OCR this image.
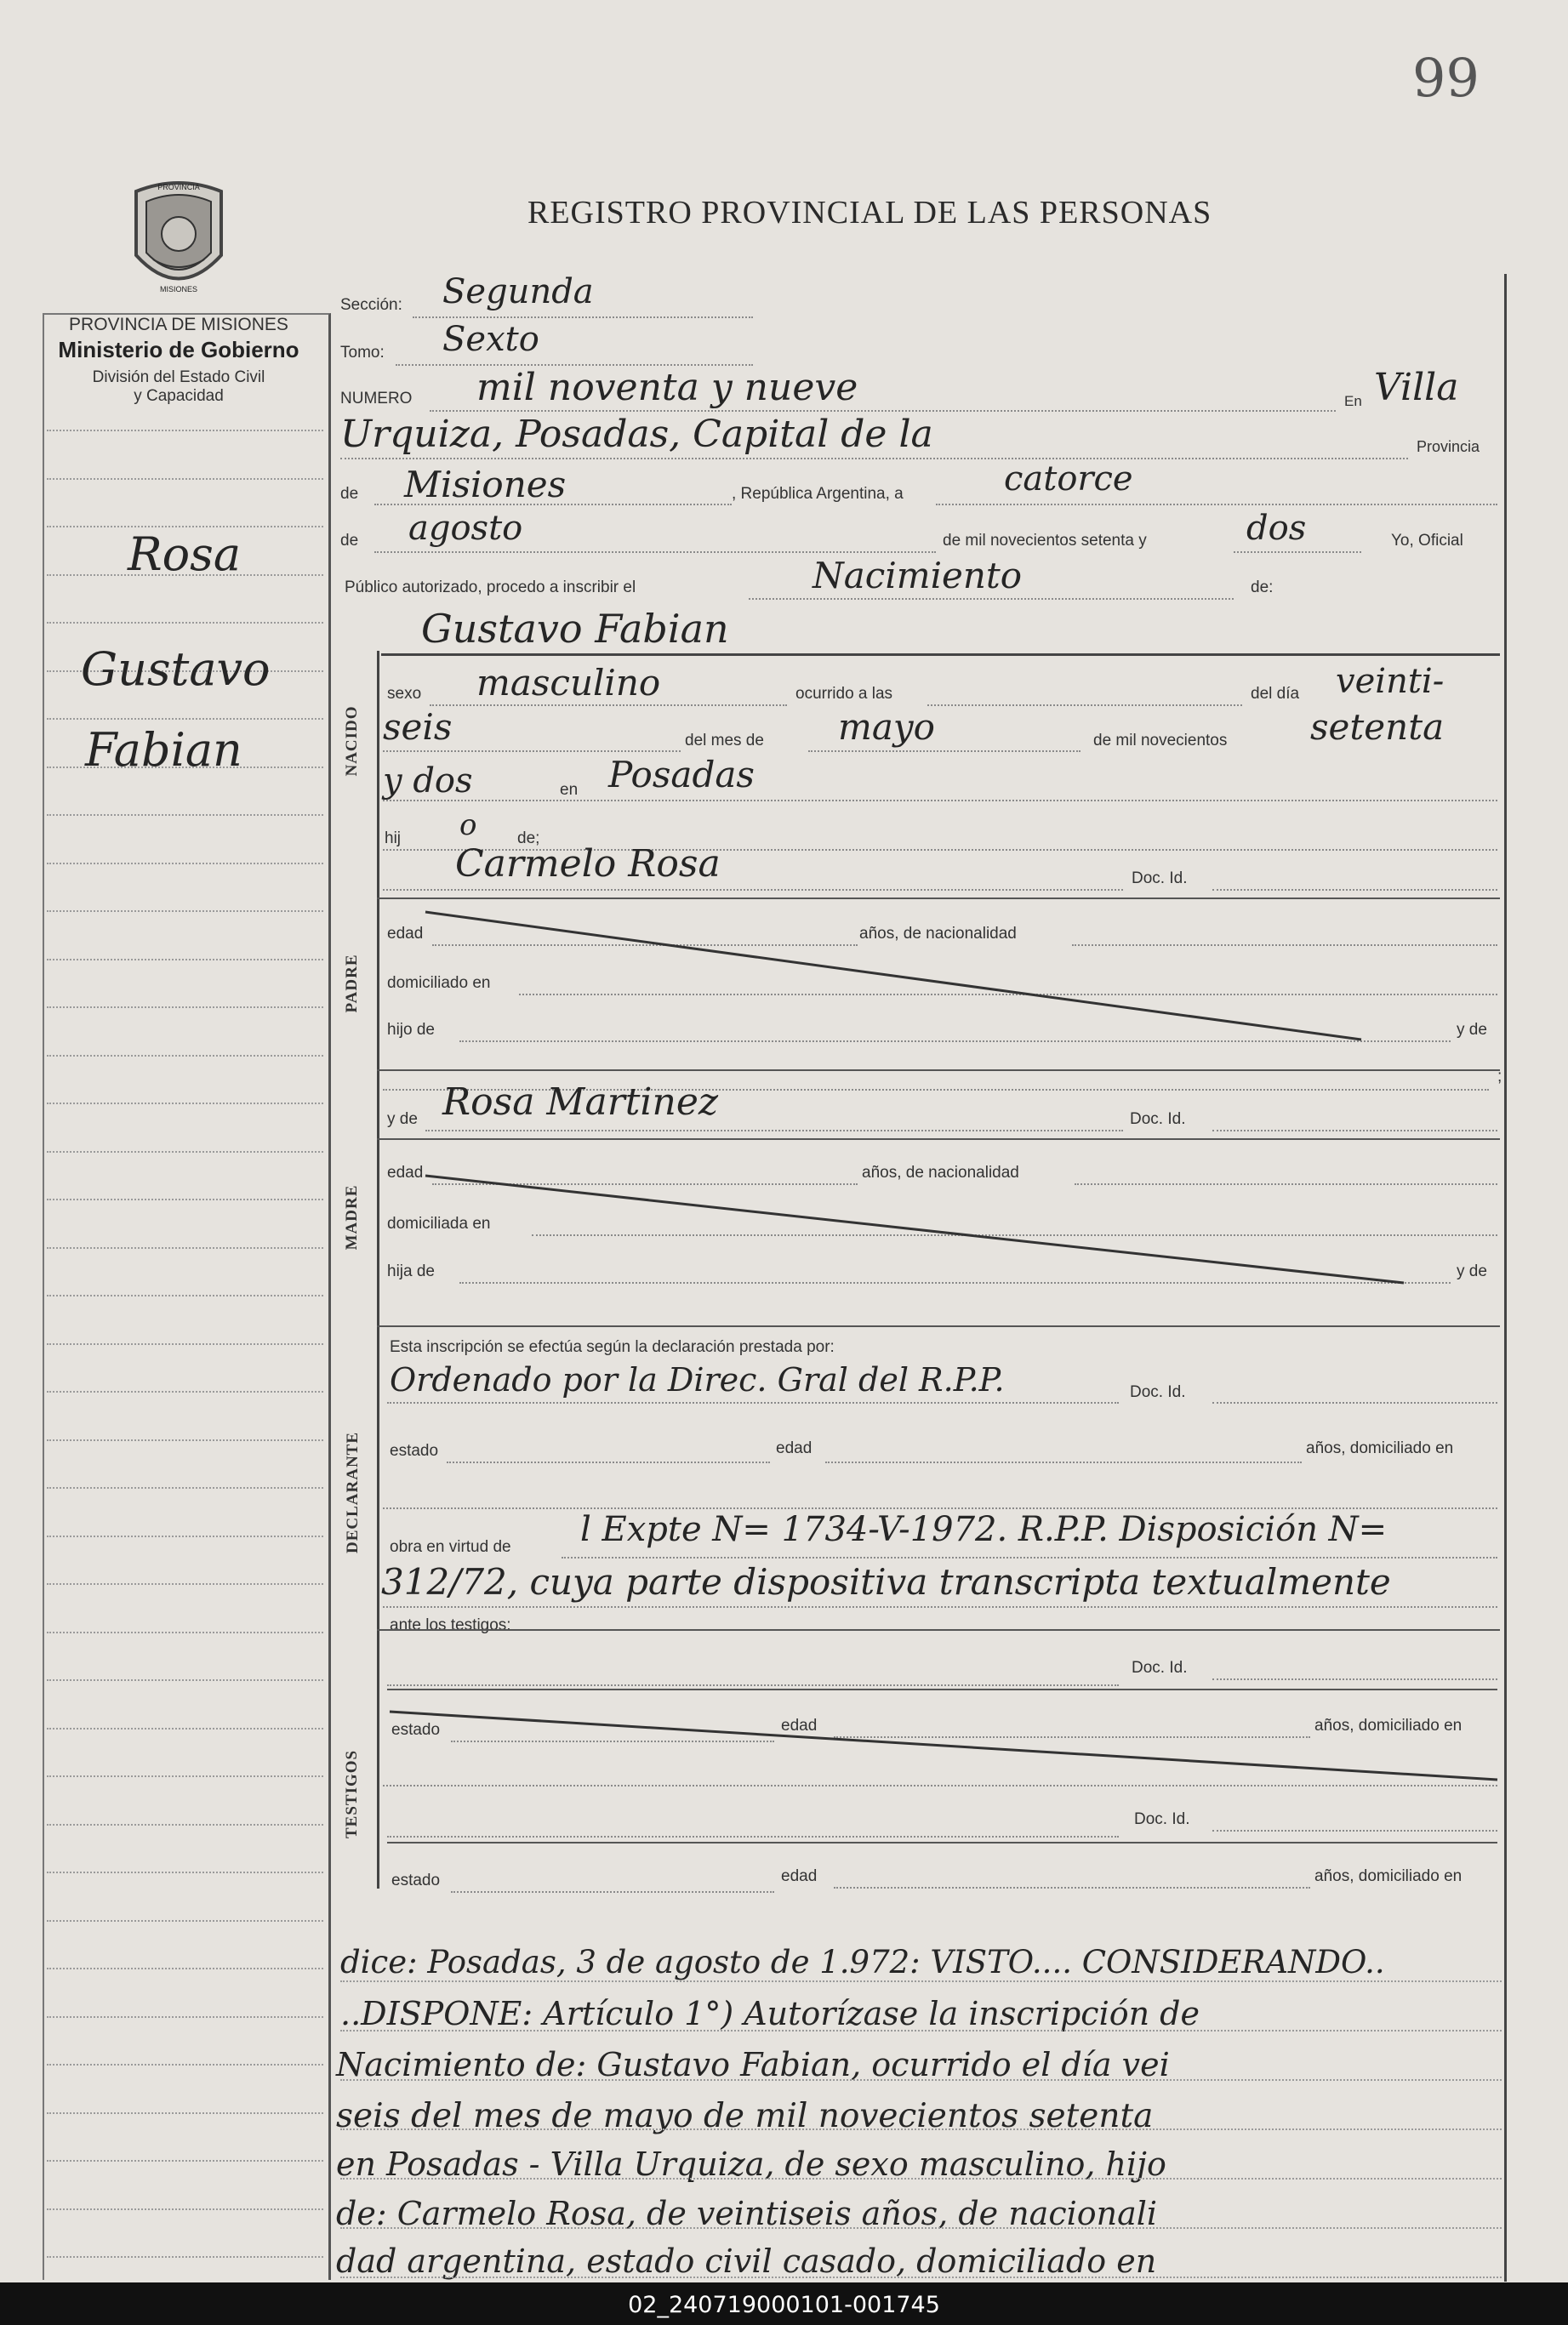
99
REGISTRO PROVINCIAL DE LAS PERSONAS
PROVINCIA
MISIONES
PROVINCIA DE MISIONES
Ministerio de Gobierno
División del Estado Civil
y Capacidad
Rosa
Gustavo
Fabian
Sección: Segunda
Tomo: Sexto
NUMERO mil noventa y nueve	En Villa
Urquiza, Posadas, Capital de la	Provincia
de Misiones	, República Argentina, a	catorce
de agosto	de mil novecientos setenta y	dos	Yo, Oficial
Público autorizado, procedo a inscribir el	Nacimiento	de:
Gustavo Fabian
NACIDO
sexo masculino	ocurrido a las	del día veinti-
seis	del mes de mayo	de mil novecientos setenta
y dos	en Posadas
hij o	de;
Carmelo Rosa	Doc. Id.
PADRE
edad	años, de nacionalidad
domiciliado en
hijo de	y de
;
y de Rosa Martinez	Doc. Id.
MADRE
edad	años, de nacionalidad
domiciliada en
hija de	y de
Esta inscripción se efectúa según la declaración prestada por:
DECLARANTE
Ordenado por la Direc. Gral del R.P.P.	Doc. Id.
estado	edad	años, domiciliado en
obra en virtud de l Expte N= 1734-V-1972. R.P.P. Disposición N=
312/72, cuya parte dispositiva transcripta textualmente
ante los testigos:
TESTIGOS
Doc. Id.
estado	edad	años, domiciliado en
Doc. Id.
estado	edad	años, domiciliado en
dice: Posadas, 3 de agosto de 1.972: VISTO.... CONSIDERANDO..
..DISPONE: Artículo 1°) Autorízase la inscripción de
Nacimiento de: Gustavo Fabian, ocurrido el día vei
seis del mes de mayo de mil novecientos setenta
en Posadas - Villa Urquiza, de sexo masculino, hijo
de: Carmelo Rosa, de veintiseis años, de nacionali
dad argentina, estado civil casado, domiciliado en
02_240719000101-001745
